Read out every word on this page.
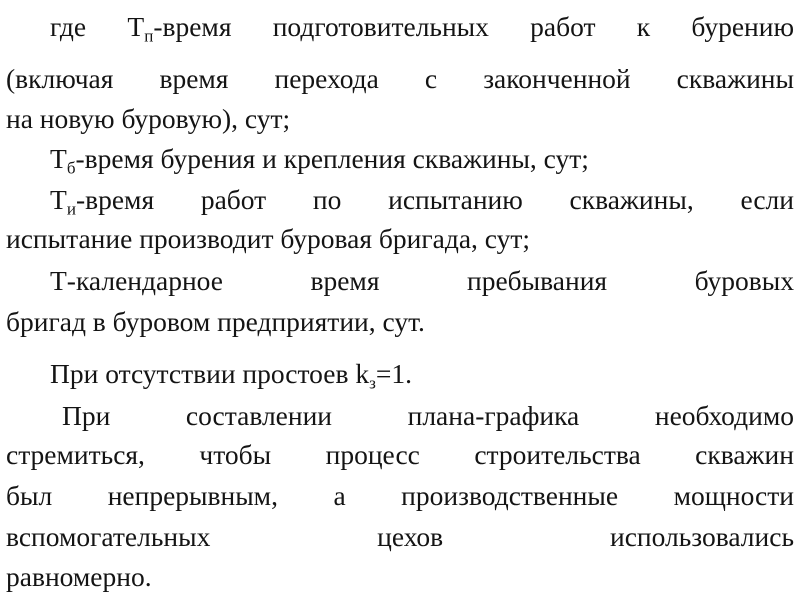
где $Т_п$-время подготовительных работ к бурению
(включая время перехода с законченной скважины
на новую буровую), сут;
$Т_б$-время бурения и крепления скважины, сут;
$Т_и$-время работ по испытанию скважины, если
испытание производит буровая бригада, сут;
Т-календарное время пребывания буровых
бригад в буровом предприятии, сут.
При отсутствии простоев $k_з=1$.
При составлении плана-графика необходимо
стремиться, чтобы процесс строительства скважин
был непрерывным, а производственные мощности
вспомогательных цехов использовались
равномерно.
